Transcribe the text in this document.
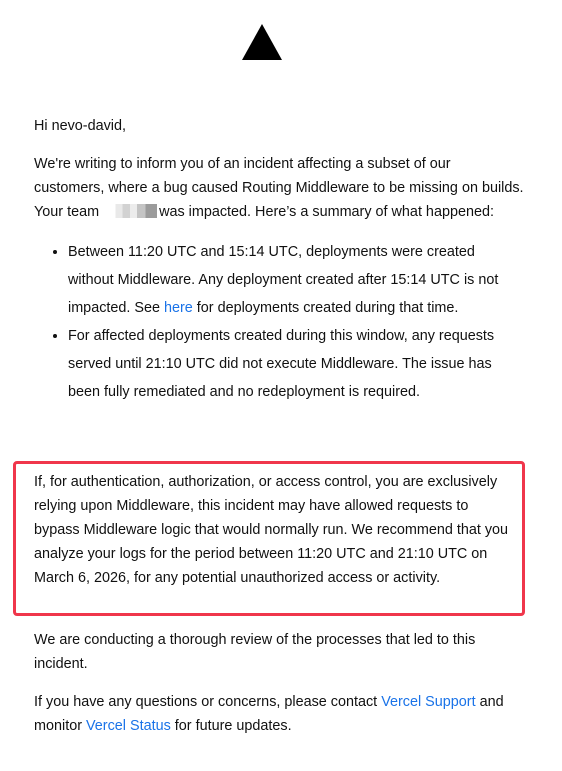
Hi nevo-david,

We're writing to inform you of an incident affecting a subset of our customers, where a bug caused Routing Middleware to be missing on builds. Your team	was impacted. Here’s a summary of what happened:

• Between 11:20 UTC and 15:14 UTC, deployments were created without Middleware. Any deployment created after 15:14 UTC is not impacted. See here for deployments created during that time.
• For affected deployments created during this window, any requests served until 21:10 UTC did not execute Middleware. The issue has been fully remediated and no redeployment is required.

If, for authentication, authorization, or access control, you are exclusively relying upon Middleware, this incident may have allowed requests to bypass Middleware logic that would normally run. We recommend that you analyze your logs for the period between 11:20 UTC and 21:10 UTC on March 6, 2026, for any potential unauthorized access or activity.

We are conducting a thorough review of the processes that led to this incident.

If you have any questions or concerns, please contact Vercel Support and monitor Vercel Status for future updates.
